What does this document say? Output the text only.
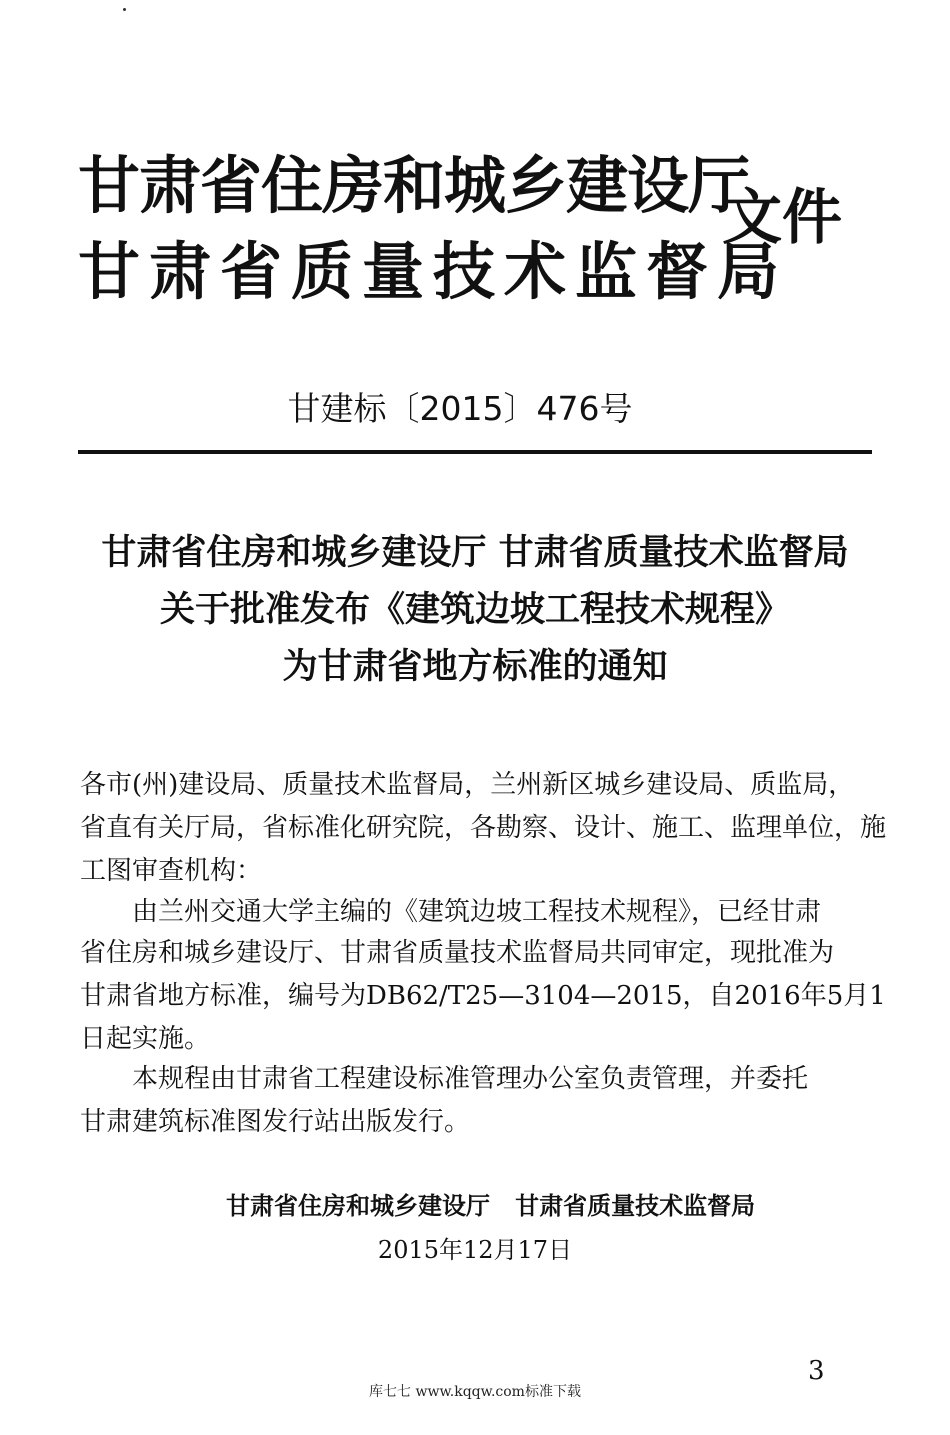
甘肃省住房和城乡建设厅
甘肃省质量技术监督局
文件
甘建标〔2015〕476号
甘肃省住房和城乡建设厅 甘肃省质量技术监督局
关于批准发布《建筑边坡工程技术规程》
为甘肃省地方标准的通知
各市(州)建设局、质量技术监督局，兰州新区城乡建设局、质监局，
省直有关厅局，省标准化研究院，各勘察、设计、施工、监理单位，施
工图审查机构：
由兰州交通大学主编的《建筑边坡工程技术规程》，已经甘肃
省住房和城乡建设厅、甘肃省质量技术监督局共同审定，现批准为
甘肃省地方标准，编号为DB62/T25—3104—2015，自2016年5月1
日起实施。
本规程由甘肃省工程建设标准管理办公室负责管理，并委托
甘肃建筑标准图发行站出版发行。
甘肃省住房和城乡建设厅   甘肃省质量技术监督局
2015年12月17日
3
库七七 www.kqqw.com标准下载
